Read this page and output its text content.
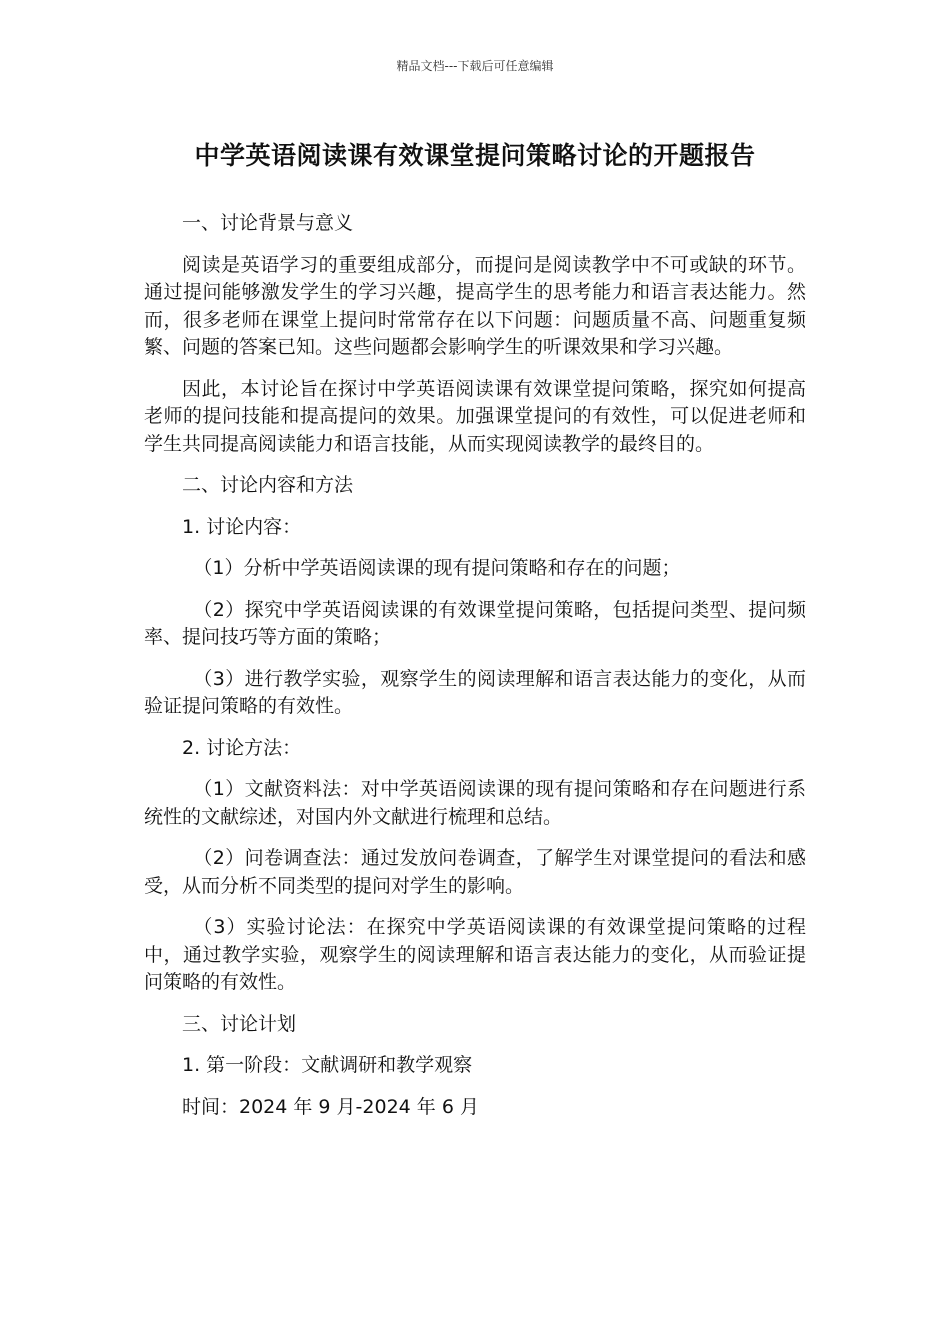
精品文档---下载后可任意编辑
中学英语阅读课有效课堂提问策略讨论的开题报告

一、讨论背景与意义

阅读是英语学习的重要组成部分，而提问是阅读教学中不可或缺的环节。通过提问能够激发学生的学习兴趣，提高学生的思考能力和语言表达能力。然而，很多老师在课堂上提问时常常存在以下问题：问题质量不高、问题重复频繁、问题的答案已知。这些问题都会影响学生的听课效果和学习兴趣。

因此，本讨论旨在探讨中学英语阅读课有效课堂提问策略，探究如何提高老师的提问技能和提高提问的效果。加强课堂提问的有效性，可以促进老师和学生共同提高阅读能力和语言技能，从而实现阅读教学的最终目的。

二、讨论内容和方法

1. 讨论内容：

（1）分析中学英语阅读课的现有提问策略和存在的问题；

（2）探究中学英语阅读课的有效课堂提问策略，包括提问类型、提问频率、提问技巧等方面的策略；

（3）进行教学实验，观察学生的阅读理解和语言表达能力的变化，从而验证提问策略的有效性。

2. 讨论方法：

（1）文献资料法：对中学英语阅读课的现有提问策略和存在问题进行系统性的文献综述，对国内外文献进行梳理和总结。

（2）问卷调查法：通过发放问卷调查，了解学生对课堂提问的看法和感受，从而分析不同类型的提问对学生的影响。

（3）实验讨论法：在探究中学英语阅读课的有效课堂提问策略的过程中，通过教学实验，观察学生的阅读理解和语言表达能力的变化，从而验证提问策略的有效性。

三、讨论计划

1. 第一阶段：文献调研和教学观察

时间：2024 年 9 月-2024 年 6 月
